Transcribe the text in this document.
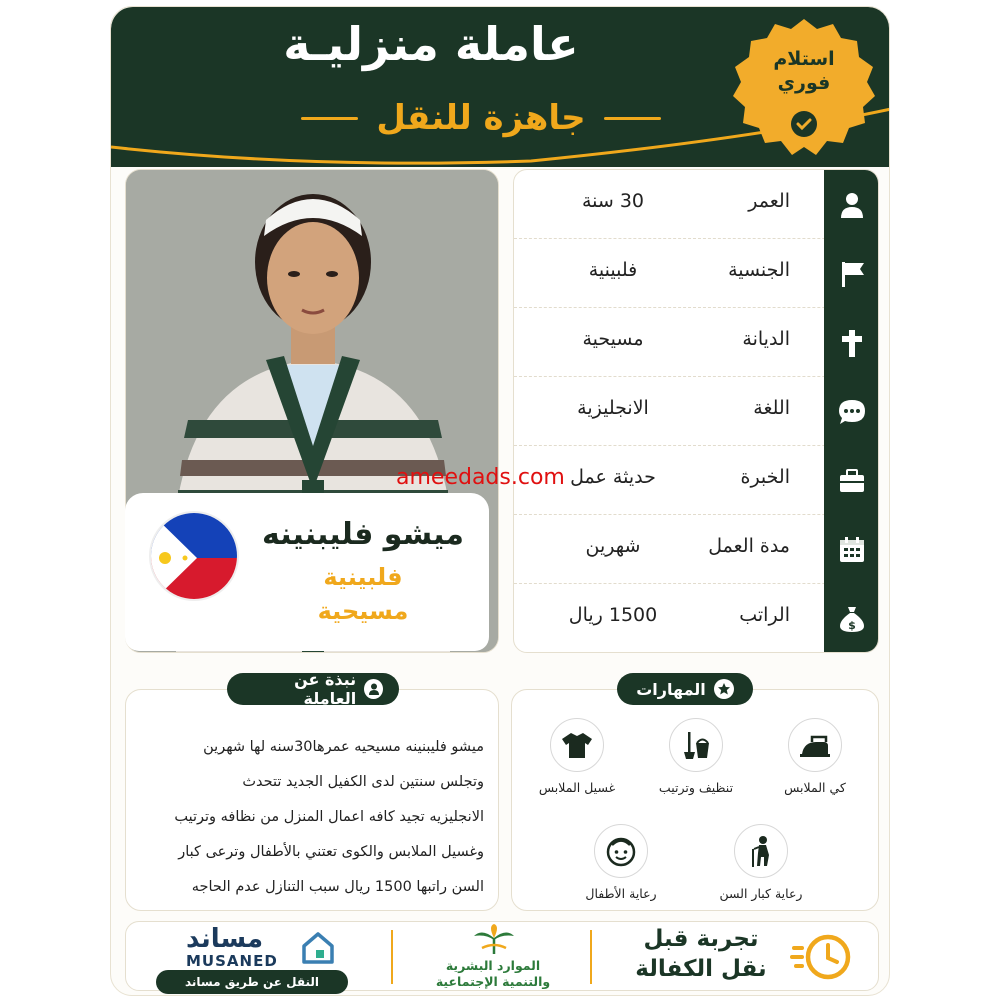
عاملة منزليـة
جاهزة للنقل
استلام
فوري
ميشو فليبنينه
فلبينية
مسيحية
العمر
30 سنة
الجنسية
فلبينية
الديانة
مسيحية
اللغة
الانجليزية
الخبرة
حديثة عمل
مدة العمل
شهرين
$
الراتب
1500 ريال
ameedads.com
ميشو فليبنينه مسيحيه عمرها30سنه لها شهرين
وتجلس سنتين لدى الكفيل الجديد تتحدث
الانجليزيه تجيد كافه اعمال المنزل من نظافه وترتيب
وغسيل الملابس والكوى تعتني بالأطفال وترعى كبار
السن راتبها 1500 ريال سبب التنازل عدم الحاجه
نبذة عن العاملة
كي الملابس
تنظيف وترتيب
غسيل الملابس
رعاية كبار السن
رعاية الأطفال
المهارات
مساند
MUSANED
النقل عن طريق مساند
الموارد البشرية
والتنمية الإجتماعية
تجربة قبل
نقل الكفالة
